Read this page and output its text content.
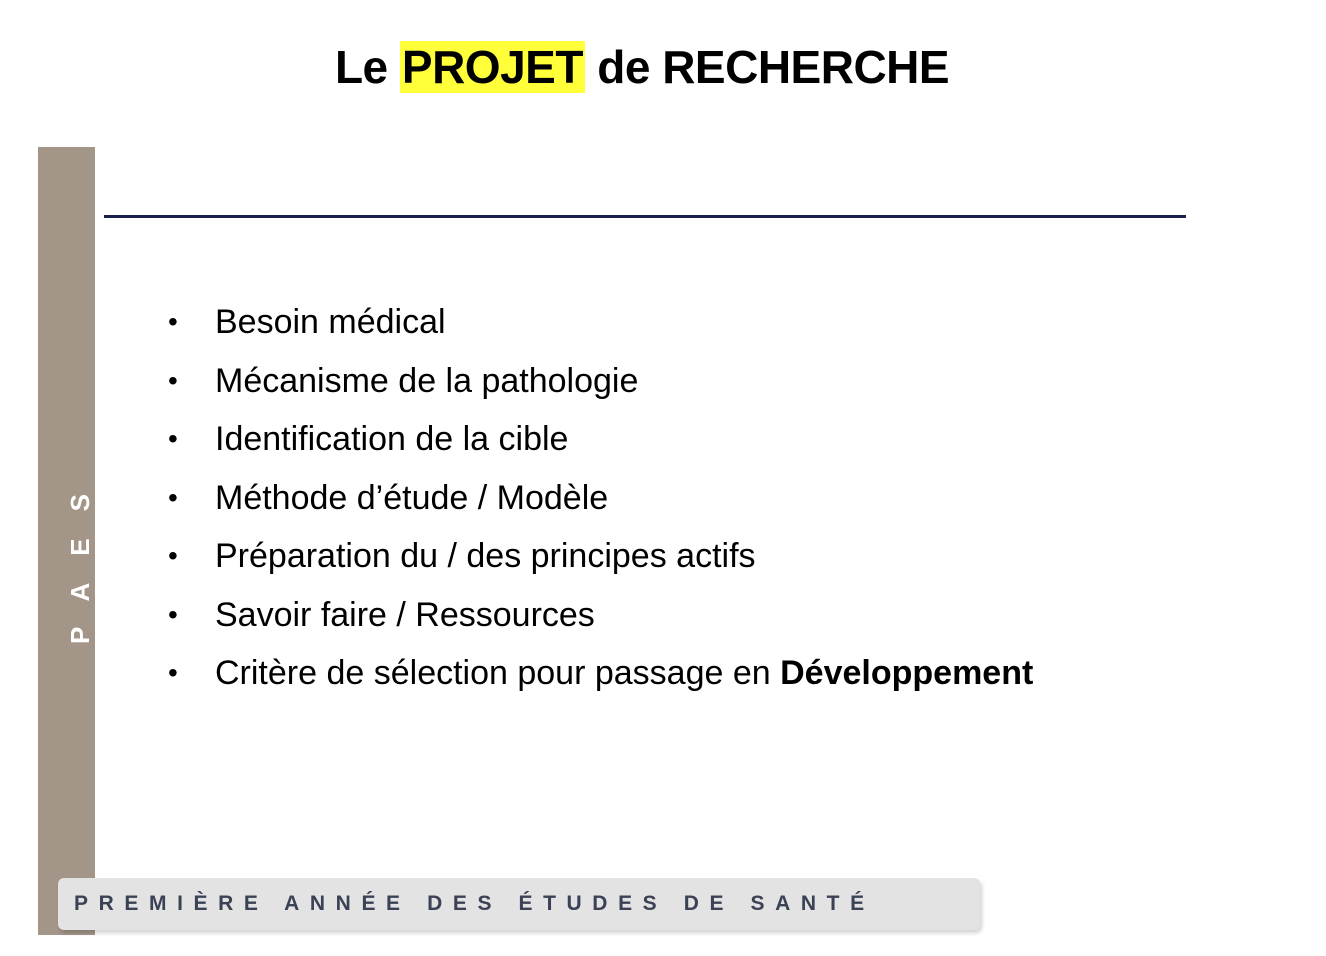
Le PROJET de RECHERCHE
PAES
• Besoin médical
• Mécanisme de la pathologie
• Identification de la cible
• Méthode d’étude / Modèle
• Préparation du / des principes actifs
• Savoir faire / Ressources
• Critère de sélection pour passage en Développement
PREMIÈRE ANNÉE DES ÉTUDES DE SANTÉ
